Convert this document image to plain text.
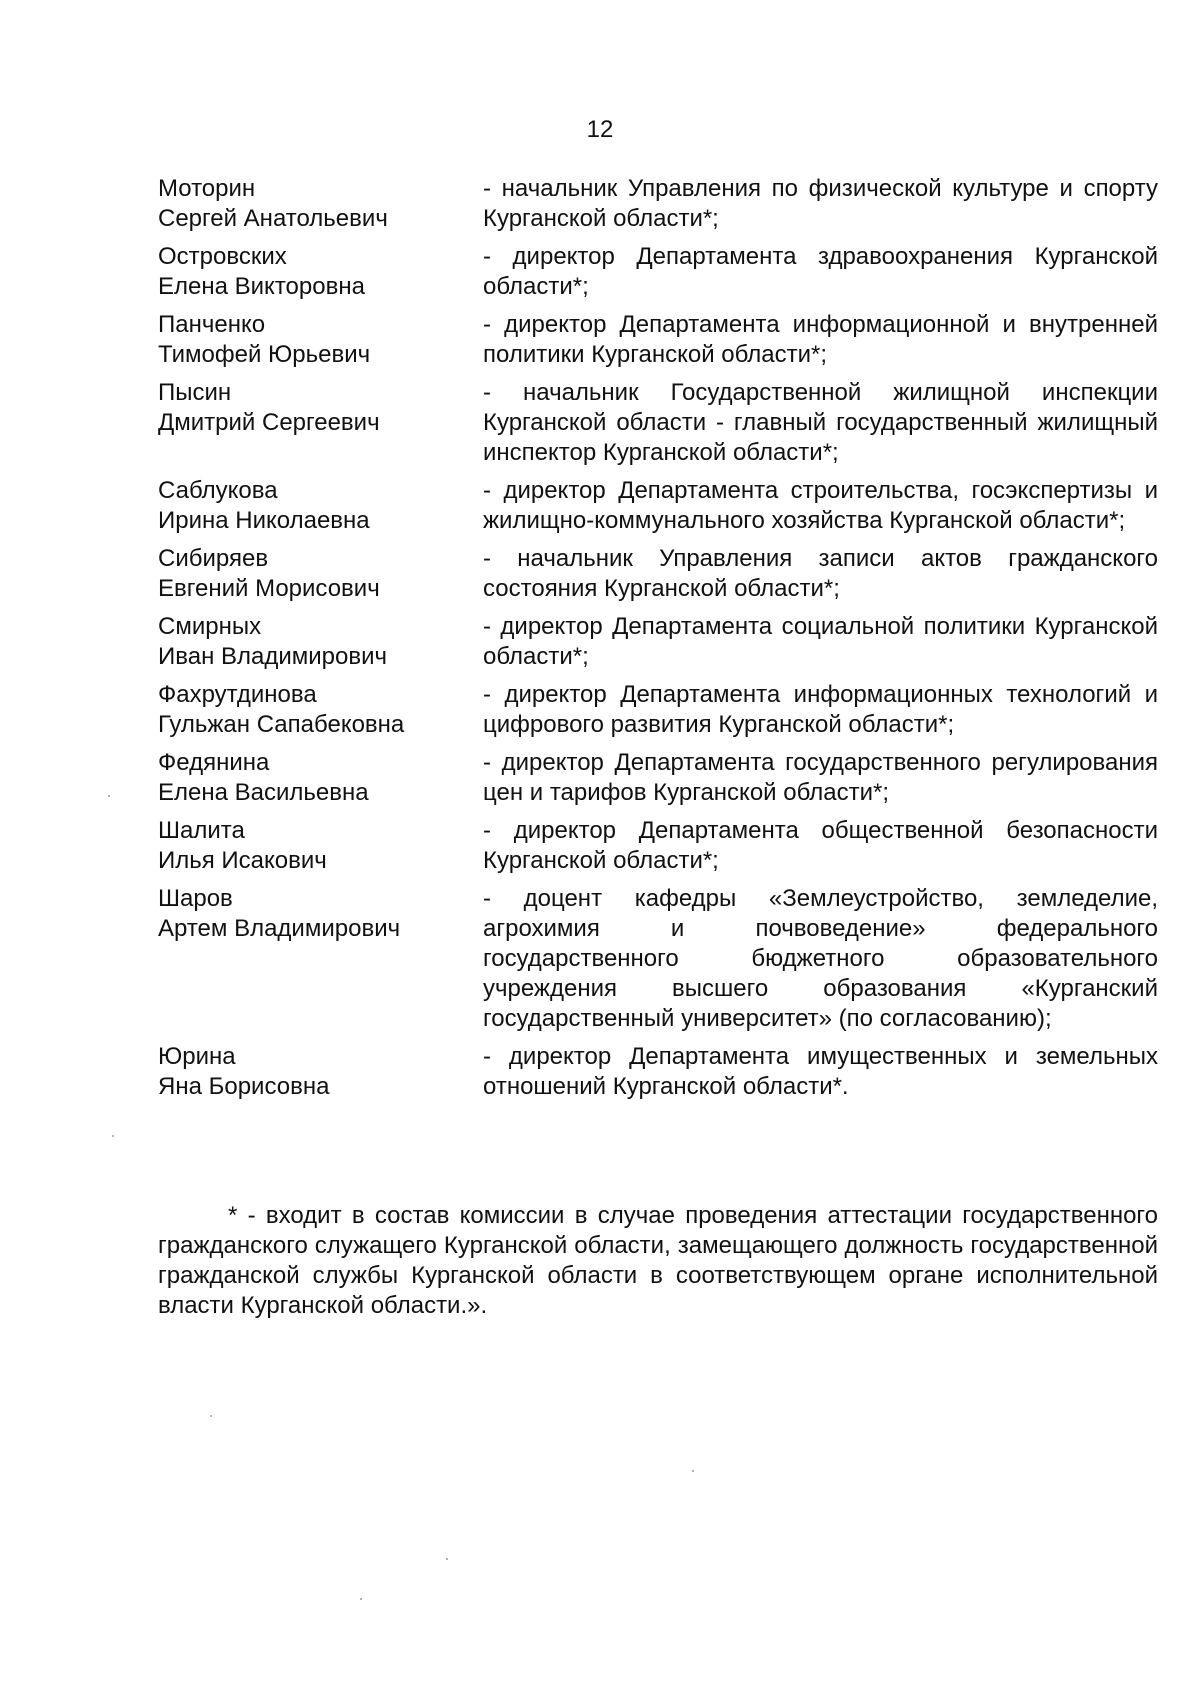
12
Моторин
Сергей Анатольевич
- начальник Управления по физической культуре и спорту Курганской области*;
Островских
Елена Викторовна
- директор Департамента здравоохранения Курганской области*;
Панченко
Тимофей Юрьевич
- директор Департамента информационной и внутренней политики Курганской области*;
Пысин
Дмитрий Сергеевич
- начальник Государственной жилищной инспекции Курганской области - главный государственный жилищный инспектор Курганской области*;
Саблукова
Ирина Николаевна
- директор Департамента строительства, госэкспертизы и жилищно-коммунального хозяйства Курганской области*;
Сибиряев
Евгений Морисович
- начальник Управления записи актов гражданского состояния Курганской области*;
Смирных
Иван Владимирович
- директор Департамента социальной политики Курганской области*;
Фахрутдинова
Гульжан Сапабековна
- директор Департамента информационных технологий и цифрового развития Курганской области*;
Федянина
Елена Васильевна
- директор Департамента государственного регулирования цен и тарифов Курганской области*;
Шалита
Илья Исакович
- директор Департамента общественной безопасности Курганской области*;
Шаров
Артем Владимирович
- доцент кафедры «Землеустройство, земледелие, агрохимия и почвоведение» федерального государственного бюджетного образовательного учреждения высшего образования «Курганский государственный университет» (по согласованию);
Юрина
Яна Борисовна
- директор Департамента имущественных и земельных отношений Курганской области*.
* - входит в состав комиссии в случае проведения аттестации государственного гражданского служащего Курганской области, замещающего должность государственной гражданской службы Курганской области в соответствующем органе исполнительной власти Курганской области.».
